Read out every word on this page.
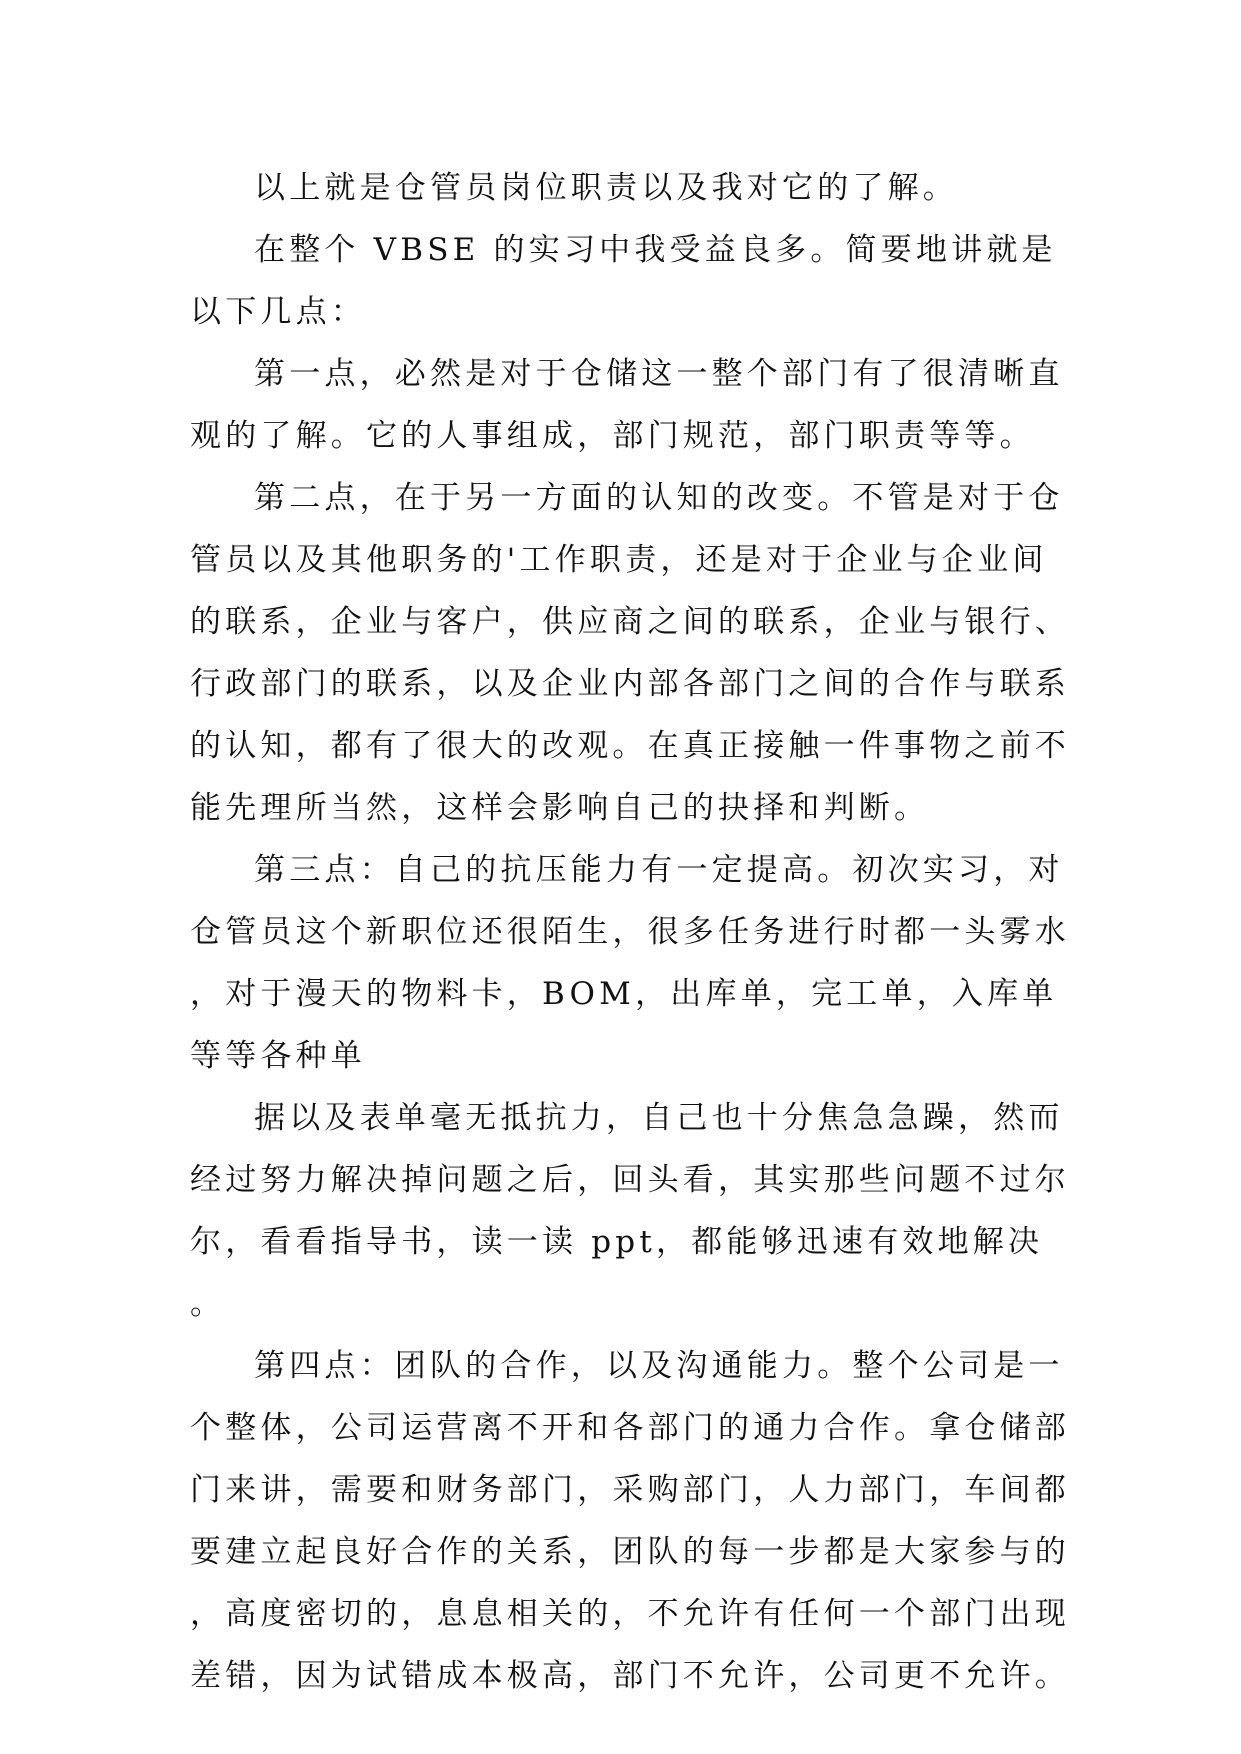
以上就是仓管员岗位职责以及我对它的了解。

在整个 VBSE 的实习中我受益良多。简要地讲就是以下几点：

第一点，必然是对于仓储这一整个部门有了很清晰直观的了解。它的人事组成，部门规范，部门职责等等。

第二点，在于另一方面的认知的改变。不管是对于仓管员以及其他职务的'工作职责，还是对于企业与企业间的联系，企业与客户，供应商之间的联系，企业与银行、行政部门的联系，以及企业内部各部门之间的合作与联系的认知，都有了很大的改观。在真正接触一件事物之前不能先理所当然，这样会影响自己的抉择和判断。

第三点：自己的抗压能力有一定提高。初次实习，对仓管员这个新职位还很陌生，很多任务进行时都一头雾水，对于漫天的物料卡，BOM，出库单，完工单，入库单等等各种单

据以及表单毫无抵抗力，自己也十分焦急急躁，然而经过努力解决掉问题之后，回头看，其实那些问题不过尔尔，看看指导书，读一读 ppt，都能够迅速有效地解决。

第四点：团队的合作，以及沟通能力。整个公司是一个整体，公司运营离不开和各部门的通力合作。拿仓储部门来讲，需要和财务部门，采购部门，人力部门，车间都要建立起良好合作的关系，团队的每一步都是大家参与的，高度密切的，息息相关的，不允许有任何一个部门出现差错，因为试错成本极高，部门不允许，公司更不允许。
